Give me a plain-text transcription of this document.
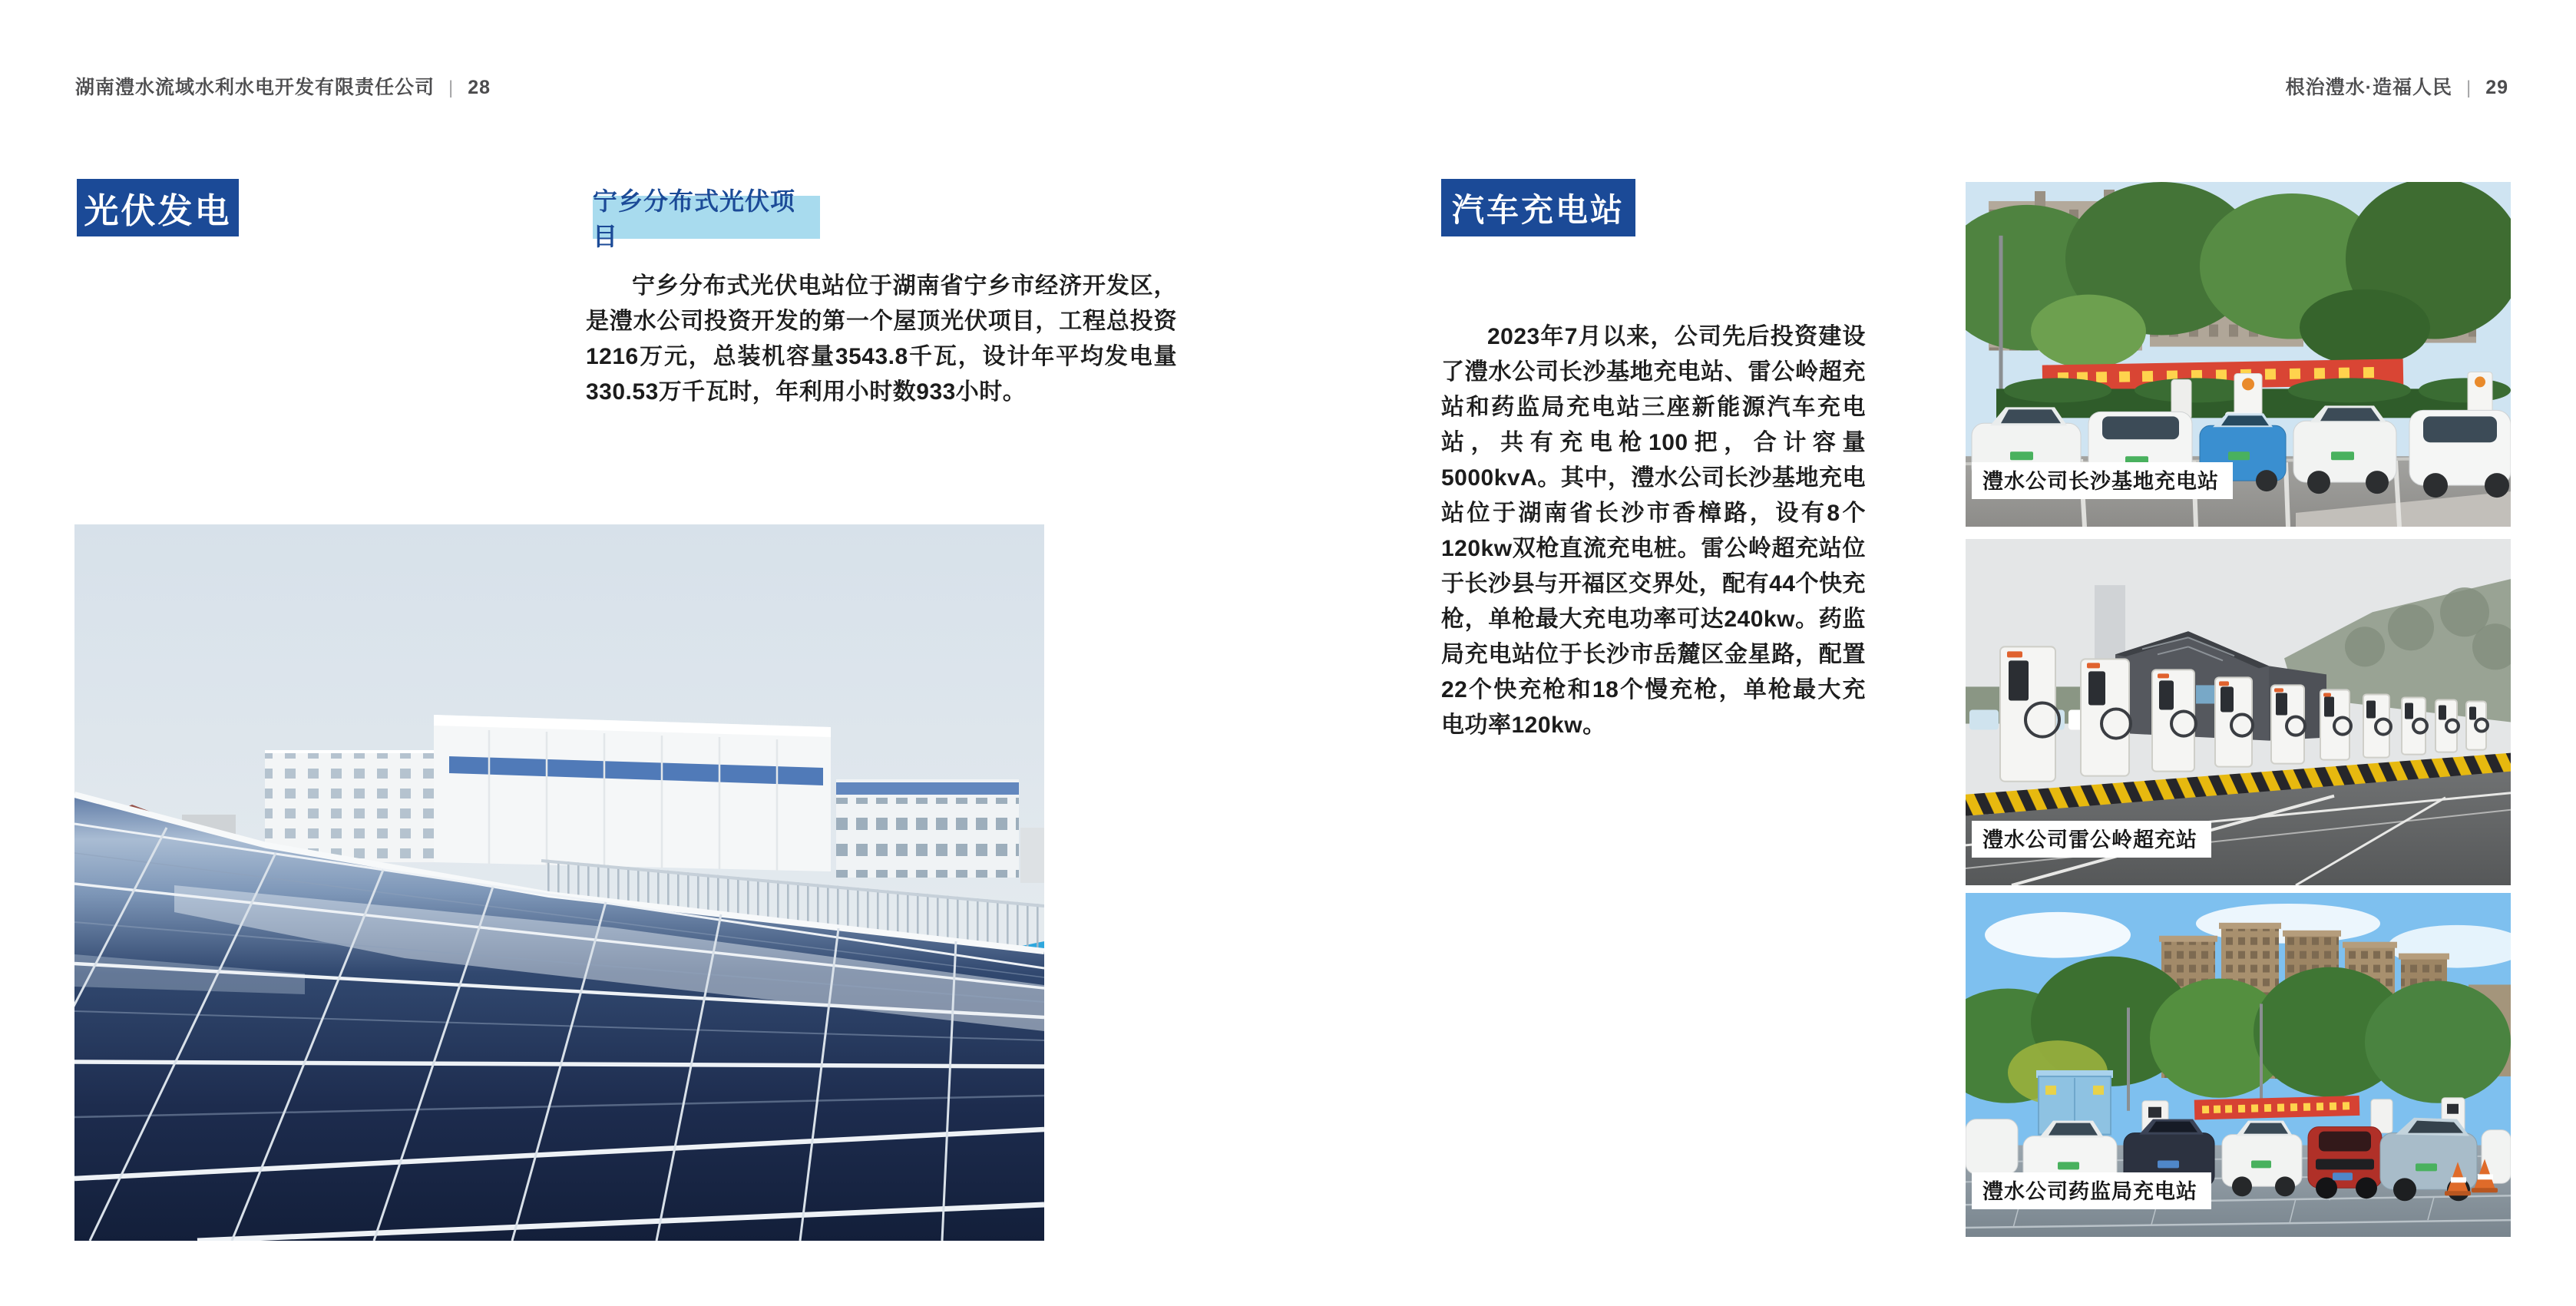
湖南澧水流域水利水电开发有限责任公司 | 28	根治澧水·造福人民 | 29
光伏发电	宁乡分布式光伏项目
宁乡分布式光伏电站位于湖南省宁乡市经济开发区，是澧水公司投资开发的第一个屋顶光伏项目，工程总投资1216万元，总装机容量3543.8千瓦，设计年平均发电量330.53万千瓦时，年利用小时数933小时。
汽车充电站
2023年7月以来，公司先后投资建设了澧水公司长沙基地充电站、雷公岭超充站和药监局充电站三座新能源汽车充电站，共有充电枪100把，合计容量5000kvA。其中，澧水公司长沙基地充电站位于湖南省长沙市香樟路，设有8个120kw双枪直流充电桩。雷公岭超充站位于长沙县与开福区交界处，配有44个快充枪，单枪最大充电功率可达240kw。药监局充电站位于长沙市岳麓区金星路，配置22个快充枪和18个慢充枪，单枪最大充电功率120kw。
澧水公司长沙基地充电站
澧水公司雷公岭超充站
澧水公司药监局充电站
